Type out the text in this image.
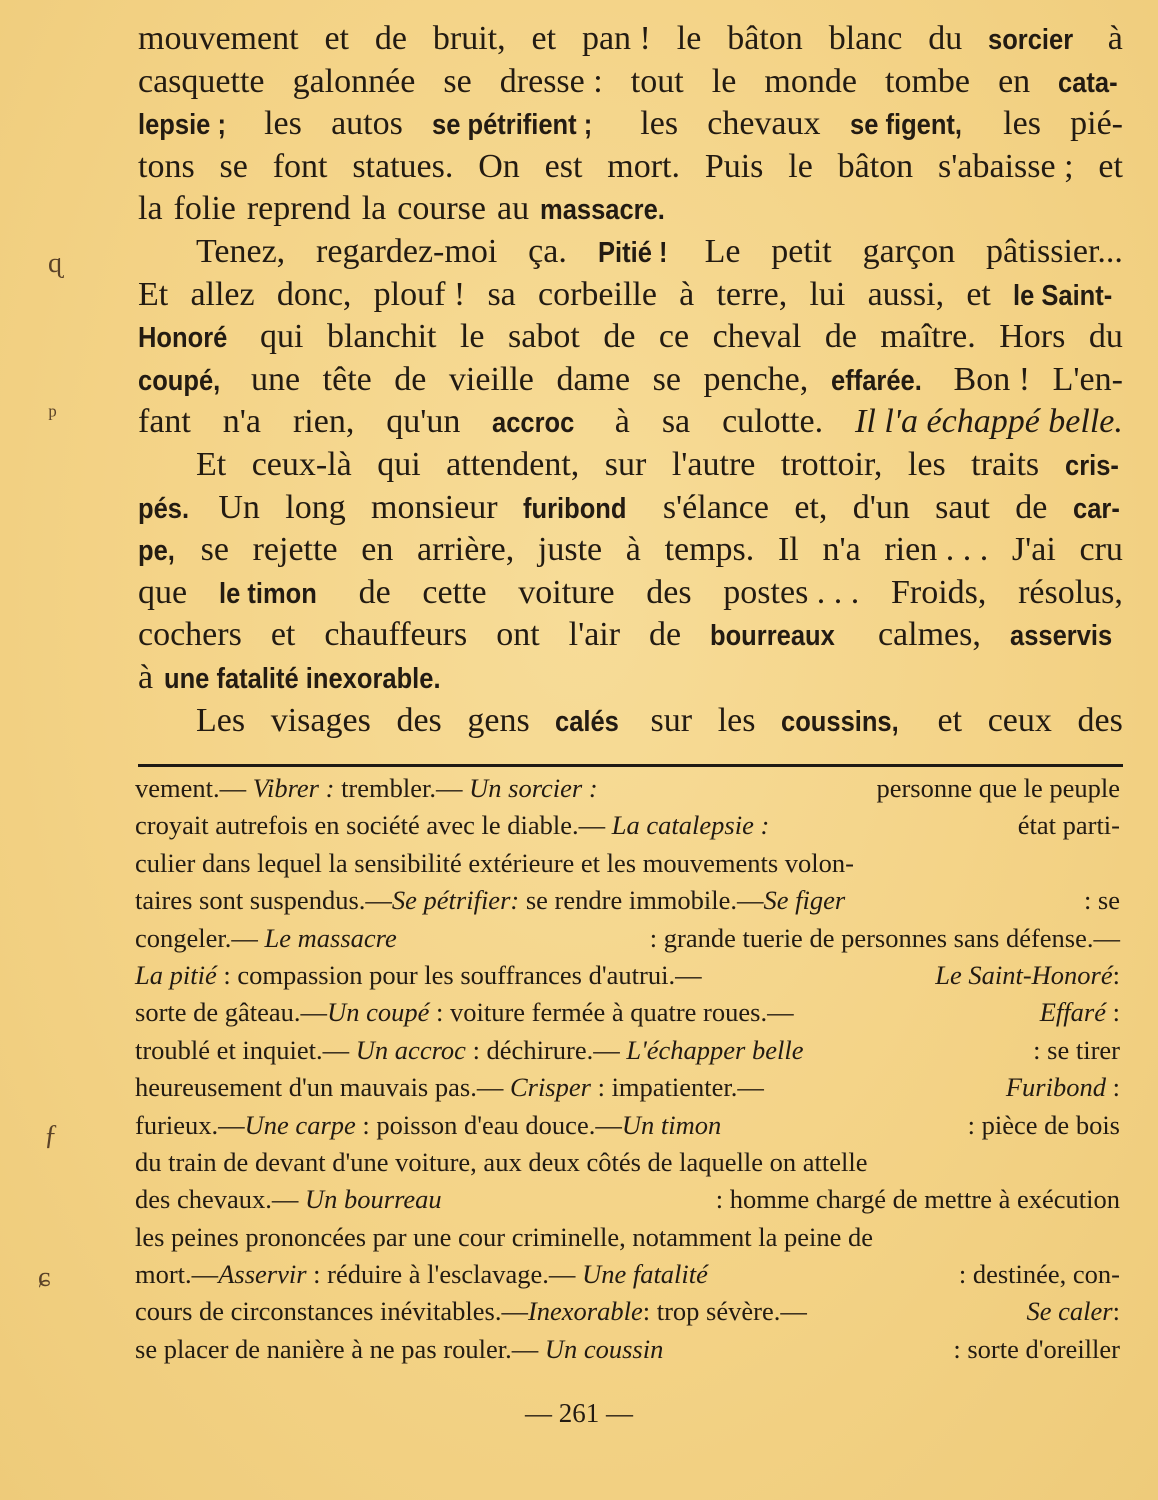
ɋ
ᵖ
ƒ
ɕ
mouvement et de bruit, et pan ! le bâton blanc du sorcier à
casquette galonnée se dresse : tout le monde tombe en cata-
lepsie ; les autos se pétrifient ; les chevaux se figent, les pié-
tons se font statues. On est mort. Puis le bâton s'abaisse ; et
la folie reprend la course au massacre.
Tenez, regardez-moi ça. Pitié ! Le petit garçon pâtissier...
Et allez donc, plouf ! sa corbeille à terre, lui aussi, et le Saint-
Honoré qui blanchit le sabot de ce cheval de maître. Hors du
coupé, une tête de vieille dame se penche, effarée. Bon ! L'en-
fant n'a rien, qu'un accroc à sa culotte. Il l'a échappé belle.
Et ceux-là qui attendent, sur l'autre trottoir, les traits cris-
pés. Un long monsieur furibond s'élance et, d'un saut de car-
pe, se rejette en arrière, juste à temps. Il n'a rien . . . J'ai cru
que le timon de cette voiture des postes . . . Froids, résolus,
cochers et chauffeurs ont l'air de bourreaux calmes, asservis
à une fatalité inexorable.
Les visages des gens calés sur les coussins, et ceux des
vement.— Vibrer : trembler.— Un sorcier :	personne que le peuple
croyait autrefois en société avec le diable.— La catalepsie :	état parti-
culier dans lequel la sensibilité extérieure et les mouvements volon-
taires sont suspendus.—Se pétrifier: se rendre immobile.—Se figer	: se
congeler.— Le massacre	: grande tuerie de personnes sans défense.—
La pitié : compassion pour les souffrances d'autrui.—	Le Saint-Honoré:
sorte de gâteau.—Un coupé : voiture fermée à quatre roues.—	Effaré :
troublé et inquiet.— Un accroc : déchirure.— L'échapper belle	: se tirer
heureusement d'un mauvais pas.— Crisper : impatienter.—	Furibond :
furieux.—Une carpe : poisson d'eau douce.—Un timon	: pièce de bois
du train de devant d'une voiture, aux deux côtés de laquelle on attelle
des chevaux.— Un bourreau	: homme chargé de mettre à exécution
les peines prononcées par une cour criminelle, notamment la peine de
mort.—Asservir : réduire à l'esclavage.— Une fatalité	: destinée, con-
cours de circonstances inévitables.—Inexorable: trop sévère.—	Se caler:
se placer de nanière à ne pas rouler.— Un coussin	: sorte d'oreiller
— 261 —
